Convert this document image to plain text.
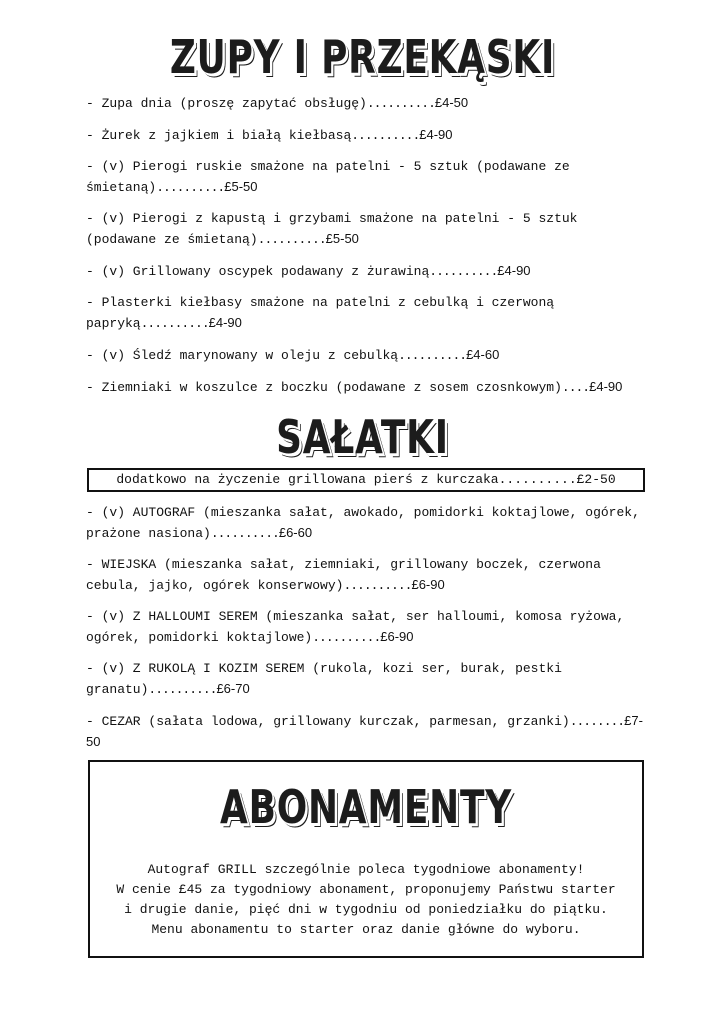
ZUPY I PRZEKĄSKI
- Zupa dnia (proszę zapytać obsługę)..........£4-50
- Żurek z jajkiem i białą kiełbasą..........£4-90
- (v) Pierogi ruskie smażone na patelni - 5 sztuk (podawane ze śmietaną)..........£5-50
- (v) Pierogi z kapustą i grzybami smażone na patelni - 5 sztuk (podawane ze śmietaną)..........£5-50
- (v) Grillowany oscypek podawany z żurawiną..........£4-90
- Plasterki kiełbasy smażone na patelni z cebulką i czerwoną papryką..........£4-90
- (v) Śledź marynowany w oleju z cebulką..........£4-60
- Ziemniaki w koszulce z boczku (podawane z sosem czosnkowym)....£4-90
SAŁATKI
dodatkowo na życzenie grillowana pierś z kurczaka..........£2-50
- (v) AUTOGRAF (mieszanka sałat, awokado, pomidorki koktajlowe, ogórek, prażone nasiona)..........£6-60
- WIEJSKA (mieszanka sałat, ziemniaki, grillowany boczek, czerwona cebula, jajko, ogórek konserwowy)..........£6-90
- (v) Z HALLOUMI SEREM (mieszanka sałat, ser halloumi, komosa ryżowa, ogórek, pomidorki koktajlowe)..........£6-90
- (v) Z RUKOLĄ I KOZIM SEREM (rukola, kozi ser, burak, pestki granatu)..........£6-70
- CEZAR (sałata lodowa, grillowany kurczak, parmesan, grzanki)........£7-50
ABONAMENTY
Autograf GRILL szczególnie poleca tygodniowe abonamenty!
W cenie £45 za tygodniowy abonament, proponujemy Państwu starter
i drugie danie, pięć dni w tygodniu od poniedziałku do piątku.
Menu abonamentu to starter oraz danie główne do wyboru.
